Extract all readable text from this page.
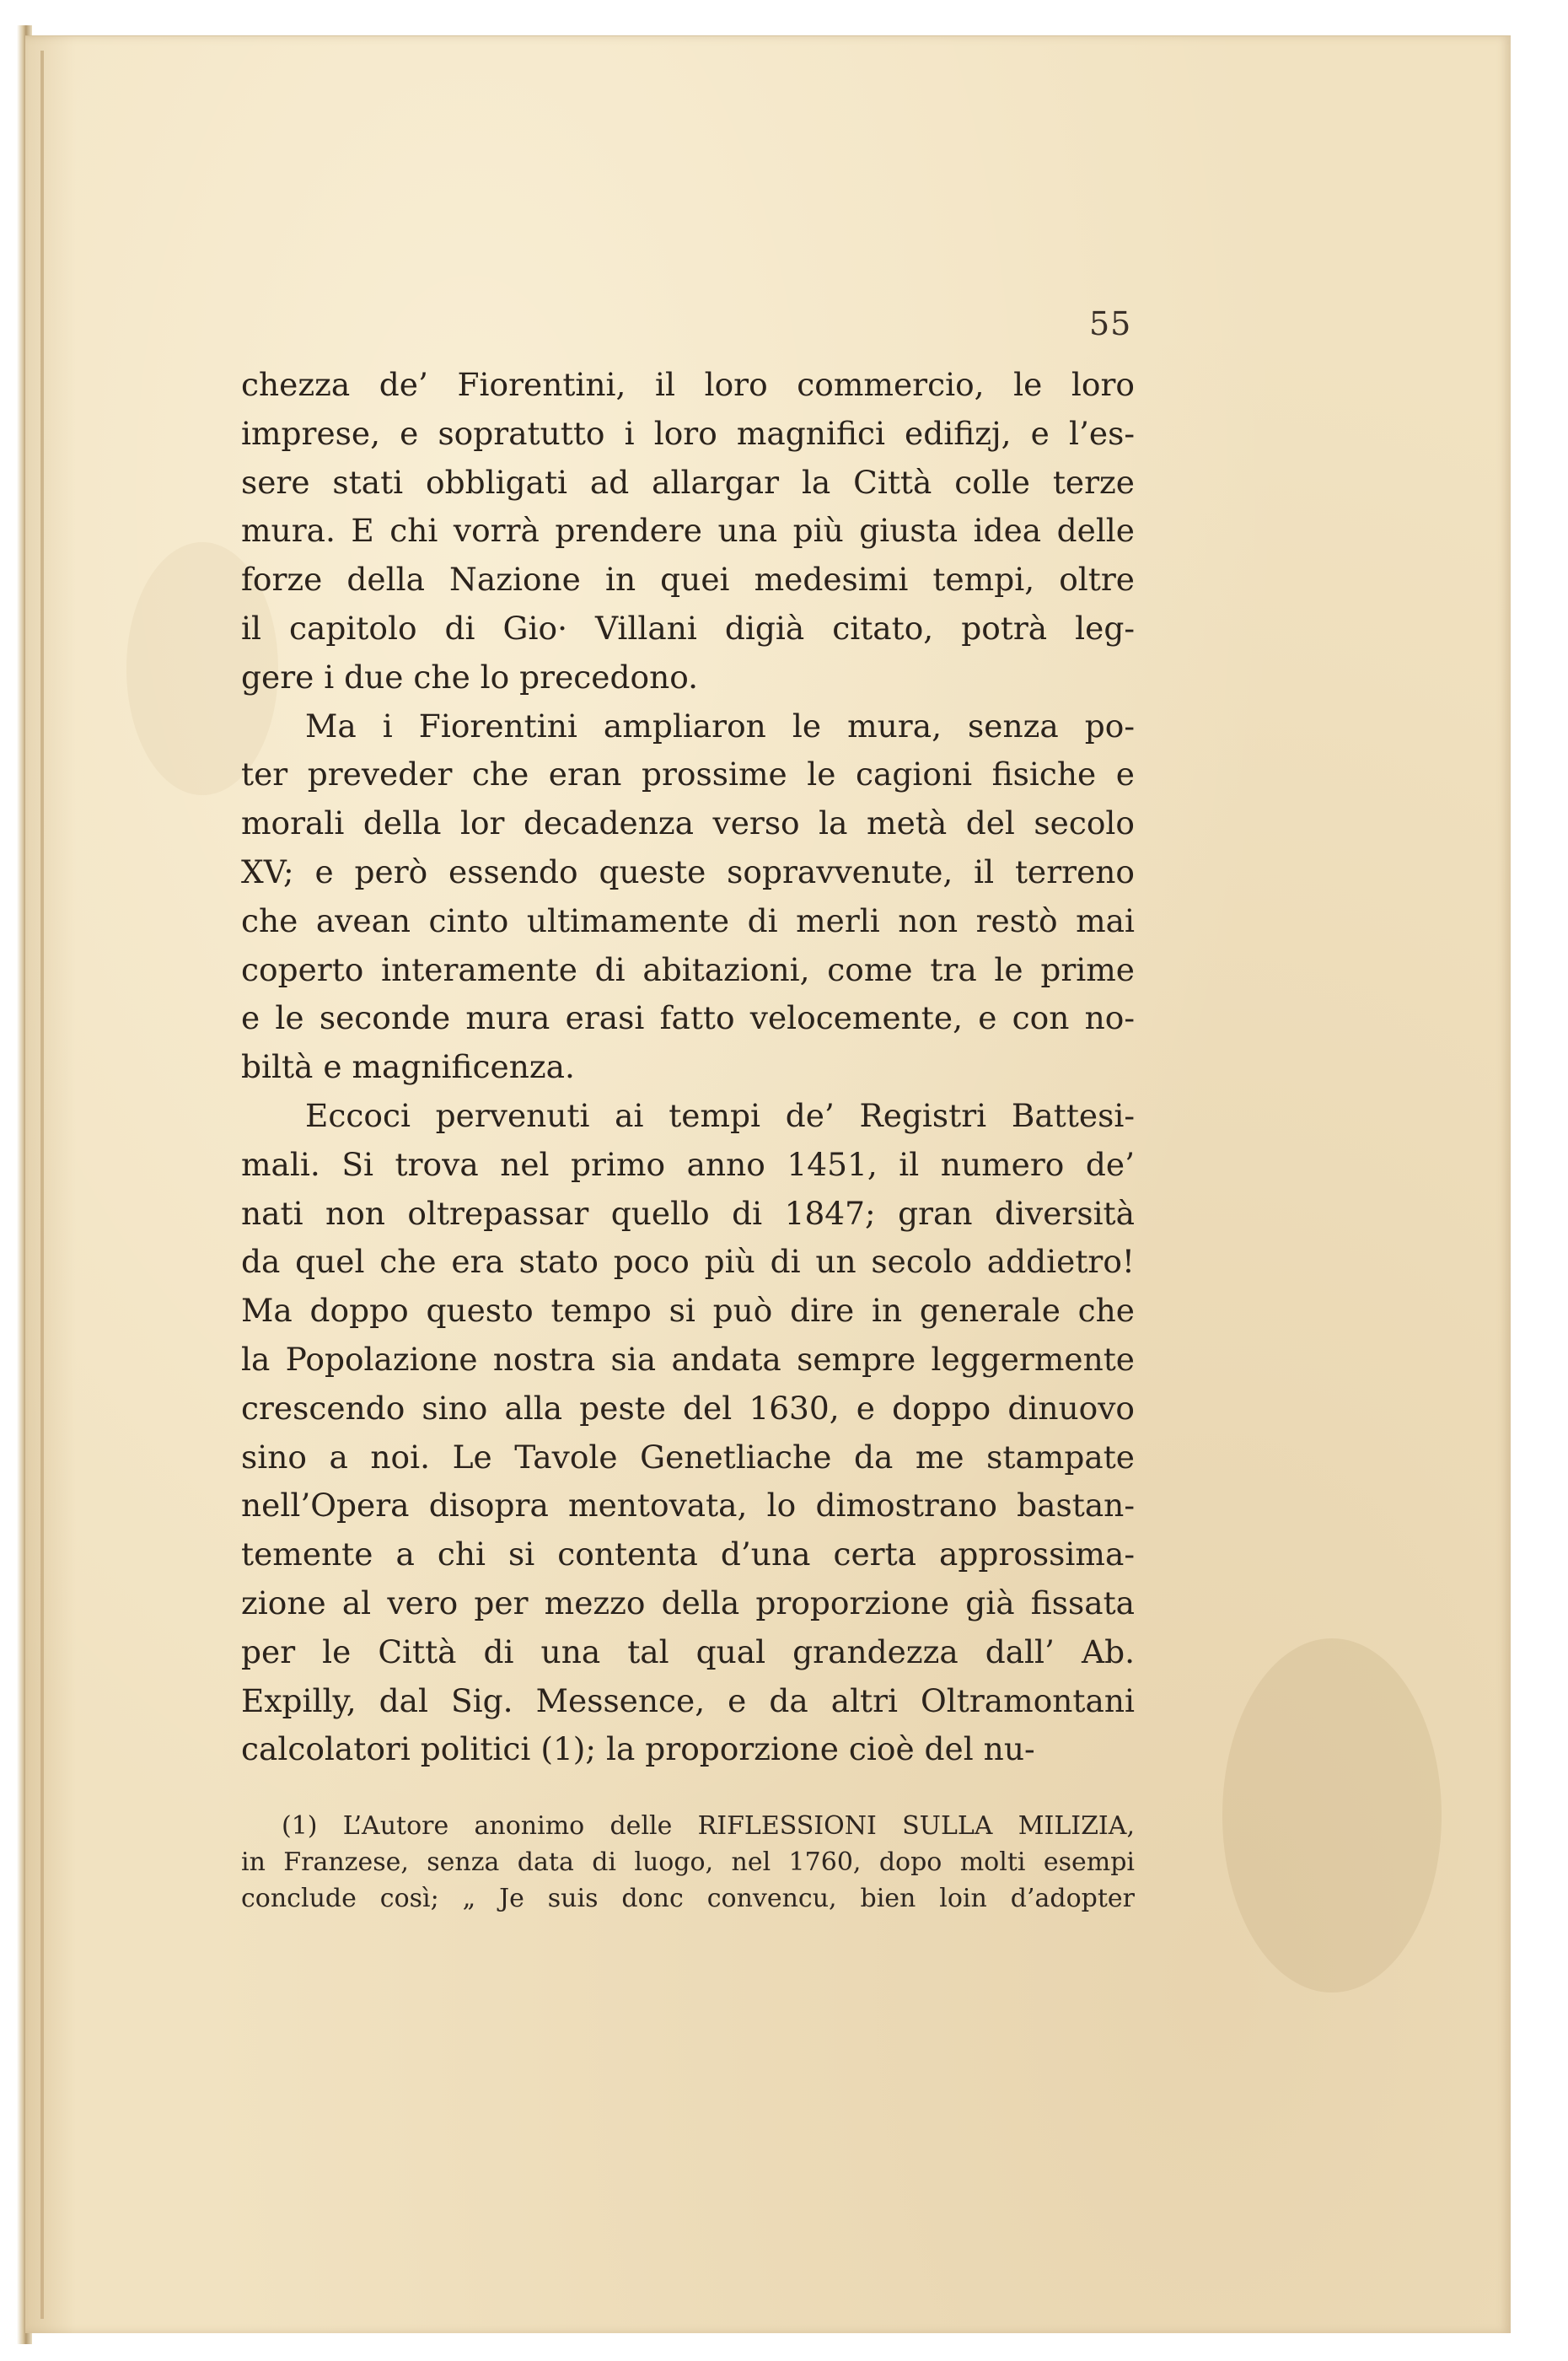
55
chezza de’ Fiorentini, il loro commercio, le loro
imprese, e sopratutto i loro magnifici edifizj, e l’es-
sere stati obbligati ad allargar la Città colle terze
mura. E chi vorrà prendere una più giusta idea delle
forze della Nazione in quei medesimi tempi, oltre
il capitolo di Gio· Villani digià citato, potrà leg-
gere i due che lo precedono.
Ma i Fiorentini ampliaron le mura, senza po-
ter preveder che eran prossime le cagioni fisiche e
morali della lor decadenza verso la metà del secolo
XV; e però essendo queste sopravvenute, il terreno
che avean cinto ultimamente di merli non restò mai
coperto interamente di abitazioni, come tra le prime
e le seconde mura erasi fatto velocemente, e con no-
biltà e magnificenza.
Eccoci pervenuti ai tempi de’ Registri Battesi-
mali. Si trova nel primo anno 1451, il numero de’
nati non oltrepassar quello di 1847; gran diversità
da quel che era stato poco più di un secolo addietro!
Ma doppo questo tempo si può dire in generale che
la Popolazione nostra sia andata sempre leggermente
crescendo sino alla peste del 1630, e doppo dinuovo
sino a noi. Le Tavole Genetliache da me stampate
nell’Opera disopra mentovata, lo dimostrano bastan-
temente a chi si contenta d’una certa approssima-
zione al vero per mezzo della proporzione già fissata
per le Città di una tal qual grandezza dall’ Ab.
Expilly, dal Sig. Messence, e da altri Oltramontani
calcolatori politici (1); la proporzione cioè del nu-
(1) L’Autore anonimo delle RIFLESSIONI SULLA MILIZIA,
in Franzese, senza data di luogo, nel 1760, dopo molti esempi
conclude così; „ Je suis donc convencu, bien loin d’adopter
